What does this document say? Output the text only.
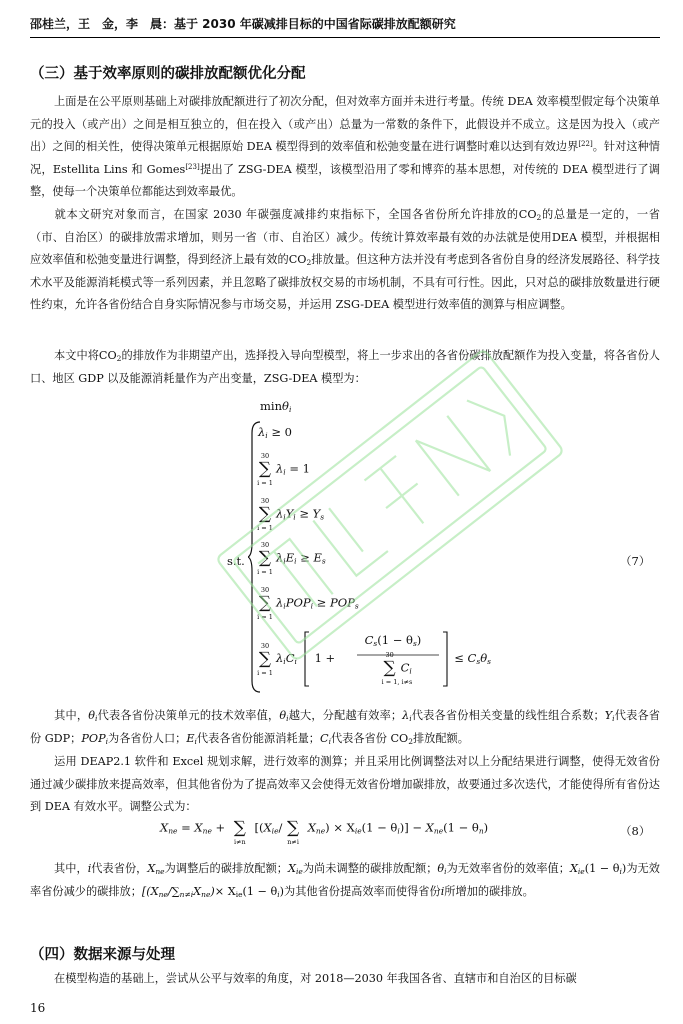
邵桂兰，王　金，李　晨：基于 2030 年碳减排目标的中国省际碳排放配额研究
（三）基于效率原则的碳排放配额优化分配

上面是在公平原则基础上对碳排放配额进行了初次分配，但对效率方面并未进行考量。传统 DEA 效率模型假定每个决策单元的投入（或产出）之间是相互独立的，但在投入（或产出）总量为一常数的条件下，此假设并不成立。这是因为投入（或产出）之间的相关性，使得决策单元根据原始 DEA 模型得到的效率值和松弛变量在进行调整时难以达到有效边界[22]。针对这种情况，Estellita Lins 和 Gomes[23]提出了 ZSG-DEA 模型，该模型沿用了零和博弈的基本思想，对传统的 DEA 模型进行了调整，使每一个决策单位都能达到效率最优。

就本文研究对象而言，在国家 2030 年碳强度减排约束指标下，全国各省份所允许排放的$CO_2$的总量是一定的，一省（市、自治区）的碳排放需求增加，则另一省（市、自治区）减少。传统计算效率最有效的办法就是使用DEA 模型，并根据相应效率值和松弛变量进行调整，得到经济上最有效的$CO_2$排放量。但这种方法并没有考虑到各省份自身的经济发展路径、科学技术水平及能源消耗模式等一系列因素，并且忽略了碳排放权交易的市场机制，不具有可行性。因此，只对总的碳排放数量进行硬性约束，允许各省份结合自身实际情况参与市场交易，并运用 ZSG-DEA 模型进行效率值的测算与相应调整。

本文中将$CO_2$的排放作为非期望产出，选择投入导向型模型，将上一步求出的各省份碳排放配额作为投入变量，将各省份人口、地区 GDP 以及能源消耗量作为产出变量，ZSG-DEA 模型为：

minθ$_i$
s.t.
$\lambda_i \ge 0$
30
∑
i = 1
$\lambda_i = 1$
30
∑
i = 1
$\lambda_iY_i \ge Y_s$
30
∑
i = 1
$\lambda_iE_i \ge E_s$
30
∑
i = 1
$\lambda_iPOP_i \ge POP_s$
30
∑
i = 1
$\lambda_iC_i$ 1 +
$C_s(1 - \theta_s)$
30
∑
i = 1, i≠s
$C_i$
≤ $C_s\theta_s$
（7）

其中，$\theta_i$代表各省份决策单元的技术效率值，$\theta_i$越大，分配越有效率；$\lambda_i$代表各省份相关变量的线性组合系数；$Y_i$代表各省份 GDP；$POP_i$为各省份人口；$E_i$代表各省份能源消耗量；$C_i$代表各省份 $CO_2$排放配额。

运用 DEAP2.1 软件和 Excel 规划求解，进行效率的测算；并且采用比例调整法对以上分配结果进行调整，使得无效省份通过减少碳排放来提高效率，但其他省份为了提高效率又会使得无效省份增加碳排放，故要通过多次迭代，才能使得所有省份达到 DEA 有效水平。调整公式为：

$X_{ne} = X_{ne}$ + ∑
i≠n
[($X_{ie}/$ ∑
n≠i
$X_{ne}) \times X_{ie}(1 - \theta_i)] - X_{ne}(1 - \theta_n)$	（8）

其中，i代表省份，$X_{ne}$为调整后的碳排放配额；$X_{ie}$为尚未调整的碳排放配额；$\theta_i$为无效率省份的效率值；$X_{ie}(1 - \theta_i)$为无效率省份减少的碳排放；[$(X_{ne}/\sum_{n\ne i}X_{ne})\times X_{ie}(1 - \theta_i)$为其他省份提高效率而使得省份i所增加的碳排放。

（四）数据来源与处理

在模型构造的基础上，尝试从公平与效率的角度，对 2018—2030 年我国各省、直辖市和自治区的目标碳

16
